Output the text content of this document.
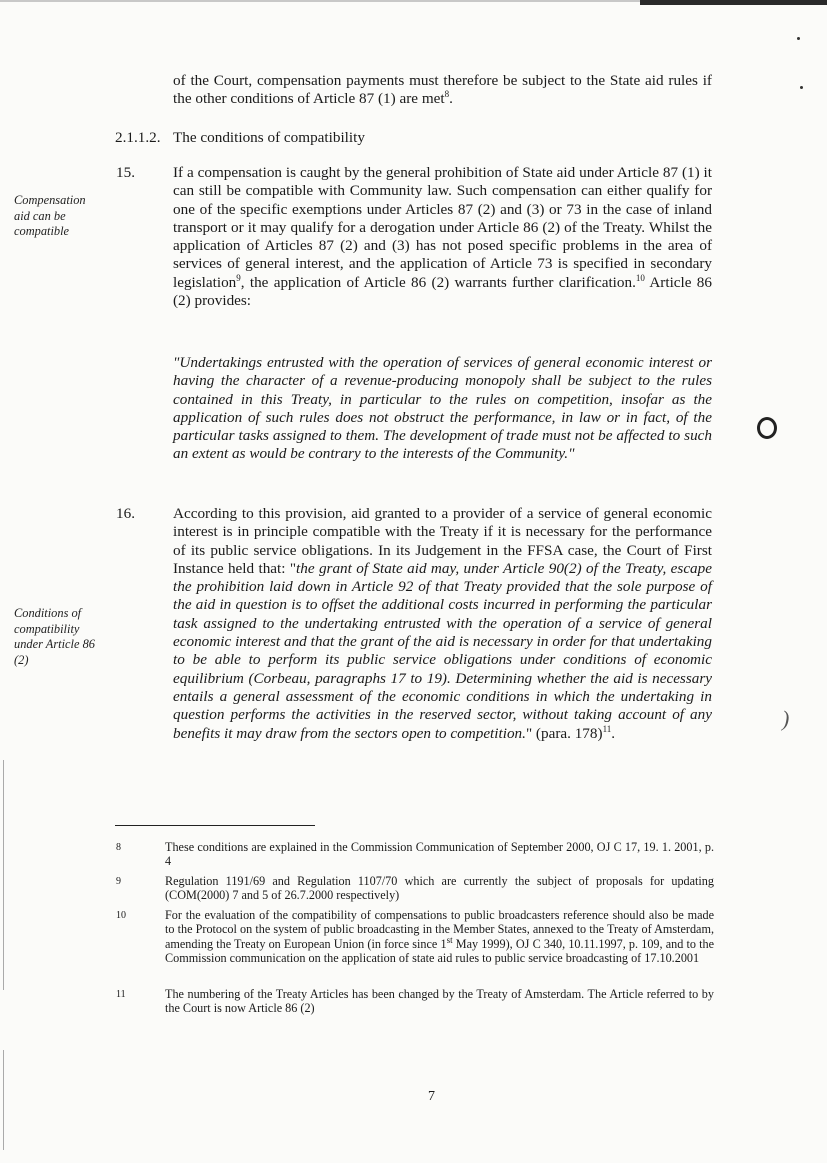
)
of the Court, compensation payments must therefore be subject to the State aid rules if the other conditions of Article 87 (1) are met$^8$.
2.1.1.2. The conditions of compatibility
Compensation aid can be compatible
Conditions of compatibility under Article 86 (2)
15.	If a compensation is caught by the general prohibition of State aid under Article 87 (1) it can still be compatible with Community law. Such compensation can either qualify for one of the specific exemptions under Articles 87 (2) and (3) or 73 in the case of inland transport or it may qualify for a derogation under Article 86 (2) of the Treaty. Whilst the application of Articles 87 (2) and (3) has not posed specific problems in the area of services of general interest, and the application of Article 73 is specified in secondary legislation$^9$, the application of Article 86 (2) warrants further clarification.$^{10}$ Article 86 (2) provides:
"Undertakings entrusted with the operation of services of general economic interest or having the character of a revenue-producing monopoly shall be subject to the rules contained in this Treaty, in particular to the rules on competition, insofar as the application of such rules does not obstruct the performance, in law or in fact, of the particular tasks assigned to them. The development of trade must not be affected to such an extent as would be contrary to the interests of the Community."
16.	According to this provision, aid granted to a provider of a service of general economic interest is in principle compatible with the Treaty if it is necessary for the performance of its public service obligations. In its Judgement in the FFSA case, the Court of First Instance held that: "the grant of State aid may, under Article 90(2) of the Treaty, escape the prohibition laid down in Article 92 of that Treaty provided that the sole purpose of the aid in question is to offset the additional costs incurred in performing the particular task assigned to the undertaking entrusted with the operation of a service of general economic interest and that the grant of the aid is necessary in order for that undertaking to be able to perform its public service obligations under conditions of economic equilibrium (Corbeau, paragraphs 17 to 19). Determining whether the aid is necessary entails a general assessment of the economic conditions in which the undertaking in question performs the activities in the reserved sector, without taking account of any benefits it may draw from the sectors open to competition." (para. 178)$^{11}$.
8	These conditions are explained in the Commission Communication of September 2000, OJ C 17, 19. 1. 2001, p. 4
9	Regulation 1191/69 and Regulation 1107/70 which are currently the subject of proposals for updating (COM(2000) 7 and 5 of 26.7.2000 respectively)
10	For the evaluation of the compatibility of compensations to public broadcasters reference should also be made to the Protocol on the system of public broadcasting in the Member States, annexed to the Treaty of Amsterdam, amending the Treaty on European Union (in force since 1st May 1999), OJ C 340, 10.11.1997, p. 109, and to the Commission communication on the application of state aid rules to public service broadcasting of 17.10.2001
11	The numbering of the Treaty Articles has been changed by the Treaty of Amsterdam. The Article referred to by the Court is now Article 86 (2)
7
